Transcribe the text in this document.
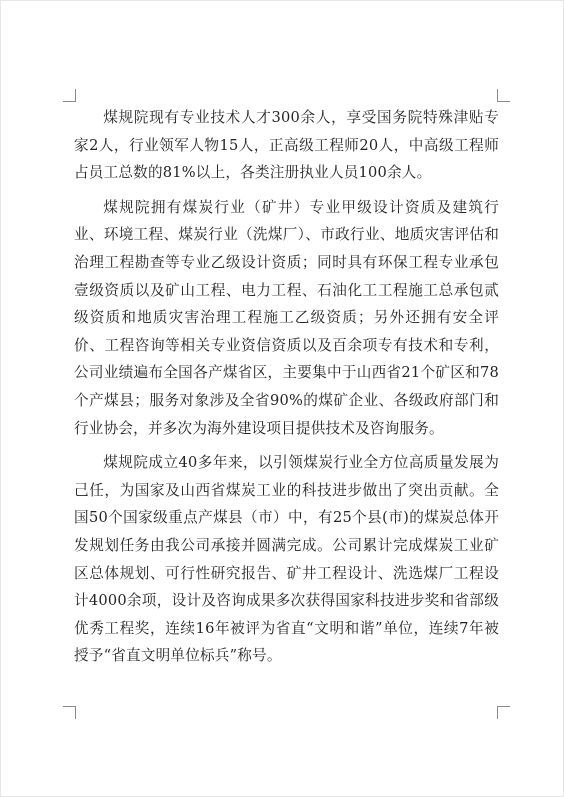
煤规院现有专业技术人才300余人，享受国务院特殊津贴专家2人，行业领军人物15人，正高级工程师20人，中高级工程师占员工总数的81%以上，各类注册执业人员100余人。

煤规院拥有煤炭行业（矿井）专业甲级设计资质及建筑行业、环境工程、煤炭行业（洗煤厂）、市政行业、地质灾害评估和治理工程勘查等专业乙级设计资质；同时具有环保工程专业承包壹级资质以及矿山工程、电力工程、石油化工工程施工总承包贰级资质和地质灾害治理工程施工乙级资质；另外还拥有安全评价、工程咨询等相关专业资信资质以及百余项专有技术和专利，公司业绩遍布全国各产煤省区，主要集中于山西省21个矿区和78个产煤县；服务对象涉及全省90%的煤矿企业、各级政府部门和行业协会，并多次为海外建设项目提供技术及咨询服务。

煤规院成立40多年来，以引领煤炭行业全方位高质量发展为己任，为国家及山西省煤炭工业的科技进步做出了突出贡献。全国50个国家级重点产煤县（市）中，有25个县(市)的煤炭总体开发规划任务由我公司承接并圆满完成。公司累计完成煤炭工业矿区总体规划、可行性研究报告、矿井工程设计、洗选煤厂工程设计4000余项，设计及咨询成果多次获得国家科技进步奖和省部级优秀工程奖，连续16年被评为省直“文明和谐”单位，连续7年被授予“省直文明单位标兵”称号。
